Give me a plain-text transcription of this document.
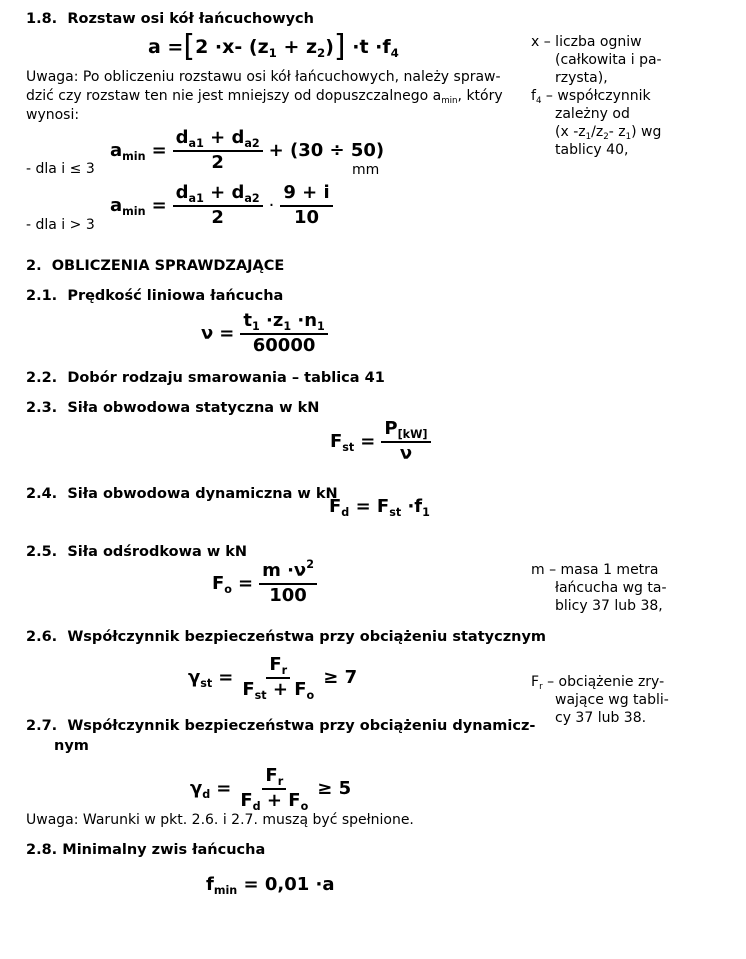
1.8. Rozstaw osi kół łańcuchowych
a =[2 ·x- $(z_1 + z_2)] \cdot t \cdot f_4$
x – liczba ogniw
(całkowita i pa-
rzysta),
$f_4$ – współczynnik
zależny od
(x $-z_1/z_2-$ $z_1$) wg
tablicy 40,
Uwaga: Po obliczeniu rozstawu osi kół łańcuchowych, należy spraw-
dzić czy rozstaw ten nie jest mniejszy od dopuszczalnego $a_{min}$, który
wynosi:
- dla i ≤ 3
$a_{min} = \frac{d_{a1} + d_{a2}}{2} + (30 \div 50)$
mm
- dla i > 3
$a_{min} = \frac{d_{a1} + d_{a2}}{2} \cdot \frac{9 + i}{10}$
2. OBLICZENIA SPRAWDZAJĄCE
2.1. Prędkość liniowa łańcucha
$\nu = \frac{t_1 \cdot z_1 \cdot n_1}{60000}$
2.2. Dobór rodzaju smarowania – tablica 41
2.3. Siła obwodowa statyczna w kN
$F_{st} = \frac{P_{[kW]}}{\nu}$
2.4. Siła obwodowa dynamiczna w kN
$F_d = F_{st} \cdot f_1$
2.5. Siła odśrodkowa w kN
$F_o = \frac{m \cdot\nu^2}{100}$	m – masa 1 metra
łańcucha wg ta-
blicy 37 lub 38,
2.6. Współczynnik bezpieczeństwa przy obciążeniu statycznym
$\gamma_{st} = \frac{F_r}{F_{st} + F_o} \ge 7$	$F_r$ – obciążenie zry-
wające wg tabli-
cy 37 lub 38.
2.7. Współczynnik bezpieczeństwa przy obciążeniu dynamicz-
nym
$\gamma_d = \frac{F_r}{F_d + F_o} \ge 5$
Uwaga: Warunki w pkt. 2.6. i 2.7. muszą być spełnione.
2.8. Minimalny zwis łańcucha
$f_{min} = 0,01 \cdot a$
